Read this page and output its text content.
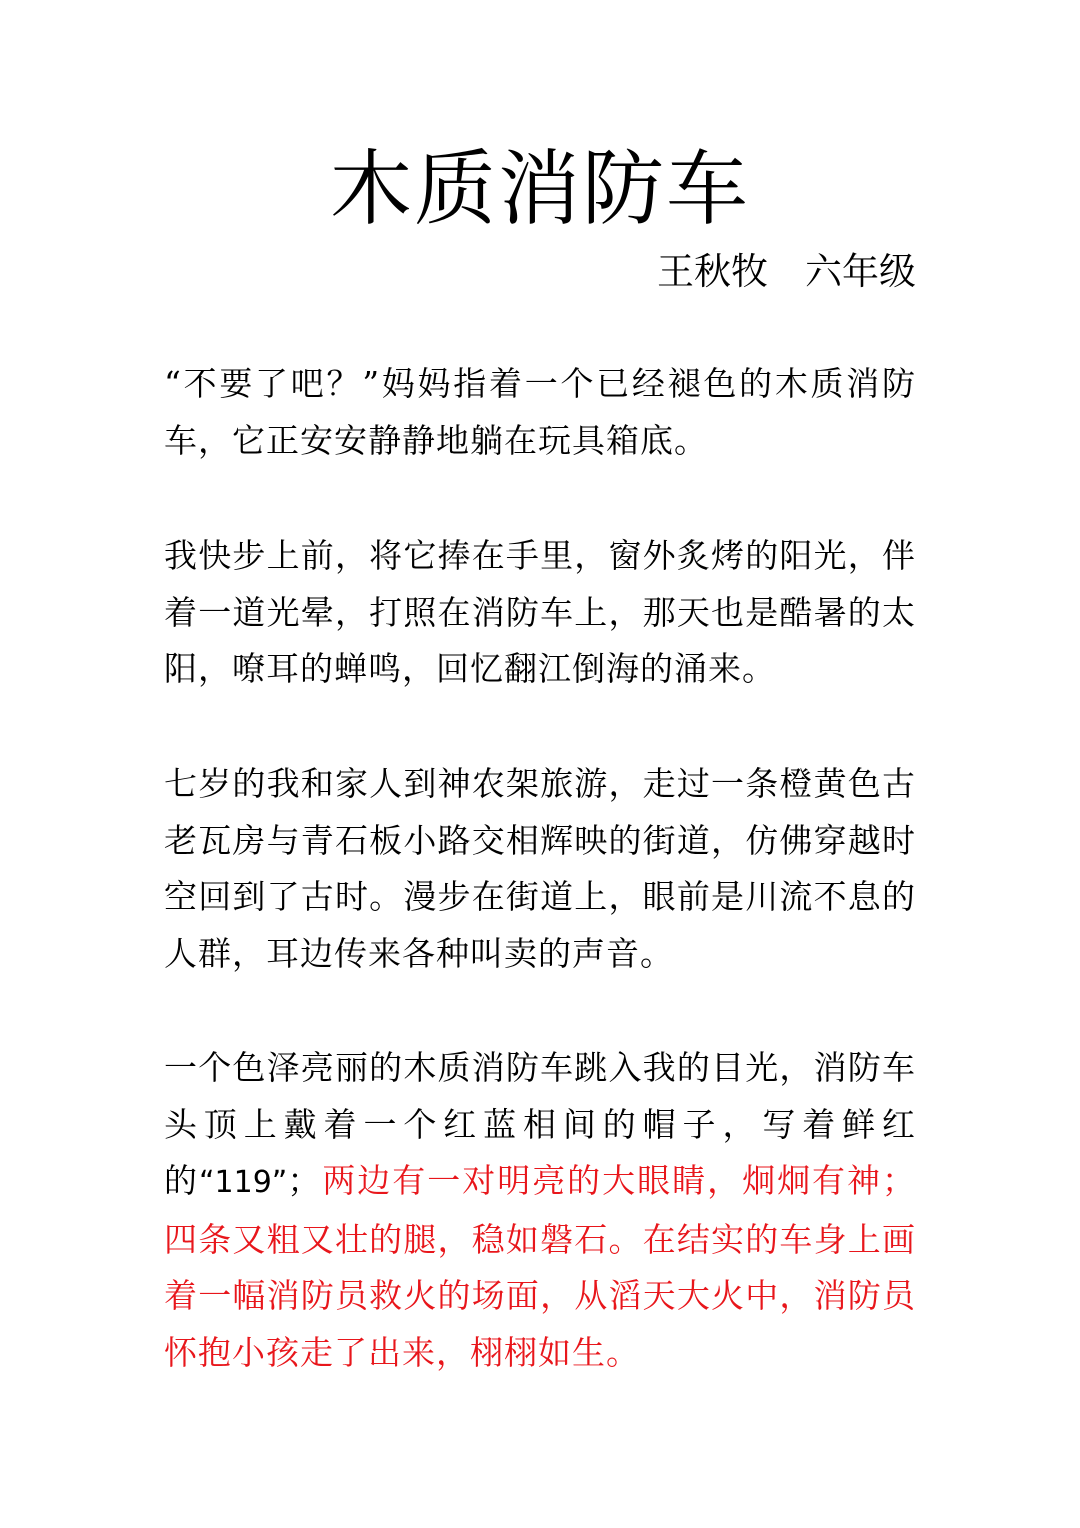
木质消防车
王秋牧　 六年级

“不要了吧？”妈妈指着一个已经褪色的木质消防车，它正安安静静地躺在玩具箱底。

我快步上前，将它捧在手里，窗外炙烤的阳光，伴着一道光晕，打照在消防车上，那天也是酷暑的太阳，嘹耳的蝉鸣，回忆翻江倒海的涌来。

七岁的我和家人到神农架旅游，走过一条橙黄色古老瓦房与青石板小路交相辉映的街道，仿佛穿越时空回到了古时。漫步在街道上，眼前是川流不息的人群，耳边传来各种叫卖的声音。

一个色泽亮丽的木质消防车跳入我的目光，消防车头顶上戴着一个红蓝相间的帽子，写着鲜红的“119”；两边有一对明亮的大眼睛，炯炯有神；四条又粗又壮的腿，稳如磐石。在结实的车身上画着一幅消防员救火的场面，从滔天大火中，消防员怀抱小孩走了出来，栩栩如生。
